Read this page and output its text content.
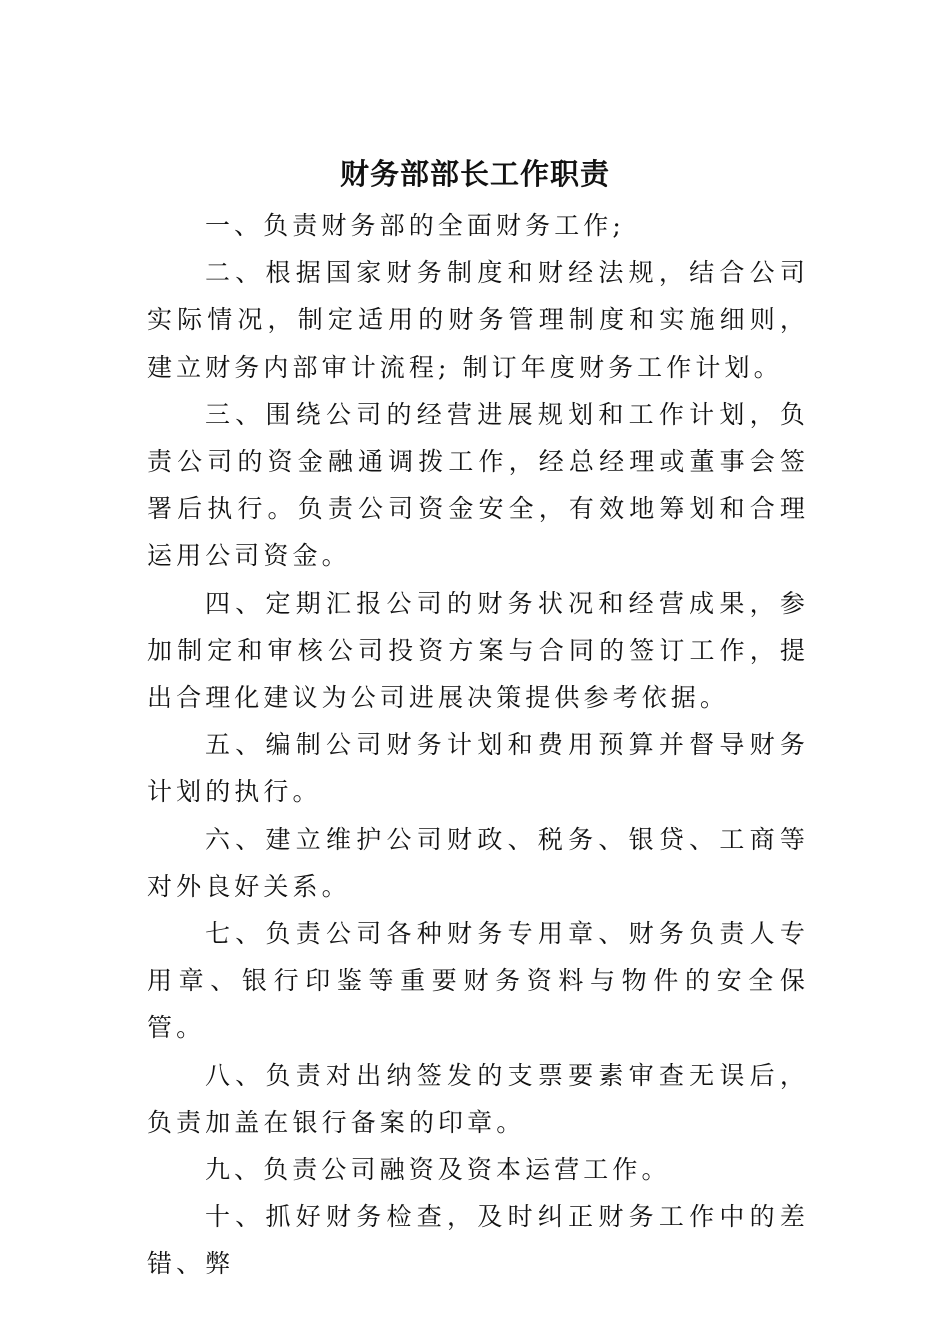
财务部部长工作职责

一、负责财务部的全面财务工作;

二、根据国家财务制度和财经法规，结合公司实际情况，制定适用的财务管理制度和实施细则，建立财务内部审计流程; 制订年度财务工作计划。

三、围绕公司的经营进展规划和工作计划，负责公司的资金融通调拨工作，经总经理或董事会签署后执行。负责公司资金安全，有效地筹划和合理运用公司资金。

四、定期汇报公司的财务状况和经营成果，参加制定和审核公司投资方案与合同的签订工作，提出合理化建议为公司进展决策提供参考依据。

五、编制公司财务计划和费用预算并督导财务计划的执行。

六、建立维护公司财政、税务、银贷、工商等对外良好关系。

七、负责公司各种财务专用章、财务负责人专用章、银行印鉴等重要财务资料与物件的安全保管。

八、负责对出纳签发的支票要素审查无误后，负责加盖在银行备案的印章。

九、负责公司融资及资本运营工作。

十、抓好财务检查，及时纠正财务工作中的差错、弊
